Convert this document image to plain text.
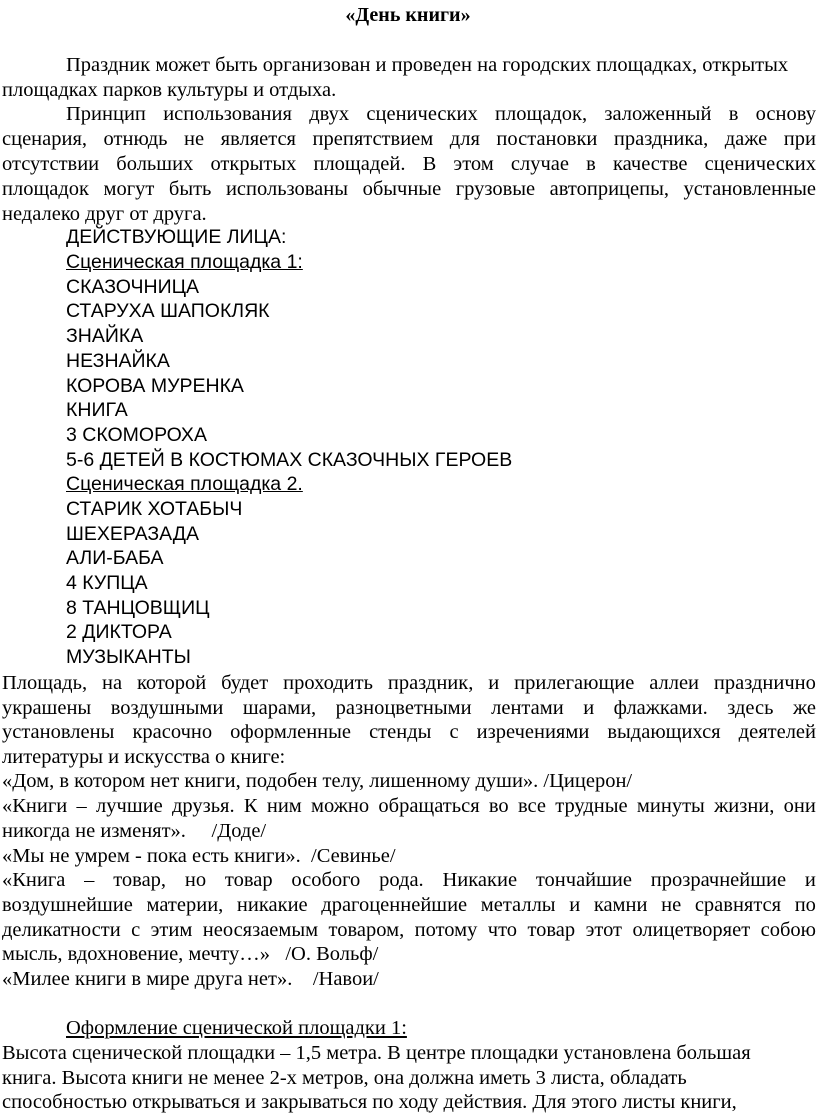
«День книги»
Праздник может быть организован и проведен на городских площадках, открытых
площадках парков культуры и отдыха.
Принцип использования двух сценических площадок, заложенный в основу
сценария, отнюдь не является препятствием для постановки праздника, даже при
отсутствии больших открытых площадей. В этом случае в качестве сценических
площадок могут быть использованы обычные грузовые автоприцепы, установленные
недалеко друг от друга.
ДЕЙСТВУЮЩИЕ ЛИЦА:
Сценическая площадка 1:
СКАЗОЧНИЦА
СТАРУХА ШАПОКЛЯК
ЗНАЙКА
НЕЗНАЙКА
КОРОВА МУРЕНКА
КНИГА
3 СКОМОРОХА
5-6 ДЕТЕЙ В КОСТЮМАХ СКАЗОЧНЫХ ГЕРОЕВ
Сценическая площадка 2.
СТАРИК ХОТАБЫЧ
ШЕХЕРАЗАДА
АЛИ-БАБА
4 КУПЦА
8 ТАНЦОВЩИЦ
2 ДИКТОРА
МУЗЫКАНТЫ
Площадь, на которой будет проходить праздник, и прилегающие аллеи празднично
украшены воздушными шарами, разноцветными лентами и флажками. здесь же
установлены красочно оформленные стенды с изречениями выдающихся деятелей
литературы и искусства о книге:
«Дом, в котором нет книги, подобен телу, лишенному души». /Цицерон/
«Книги – лучшие друзья. К ним можно обращаться во все трудные минуты жизни, они
никогда не изменят».     /Доде/
«Мы не умрем - пока есть книги».  /Севинье/
«Книга – товар, но товар особого рода. Никакие тончайшие прозрачнейшие и
воздушнейшие материи, никакие драгоценнейшие металлы и камни не сравнятся по
деликатности с этим неосязаемым товаром, потому что товар этот олицетворяет собою
мысль, вдохновение, мечту…»   /О. Вольф/
«Милее книги в мире друга нет».    /Навои/
Оформление сценической площадки 1:
Высота сценической площадки – 1,5 метра. В центре площадки установлена большая
книга. Высота книги не менее 2-х метров, она должна иметь 3 листа, обладать
способностью открываться и закрываться по ходу действия. Для этого листы книги,
